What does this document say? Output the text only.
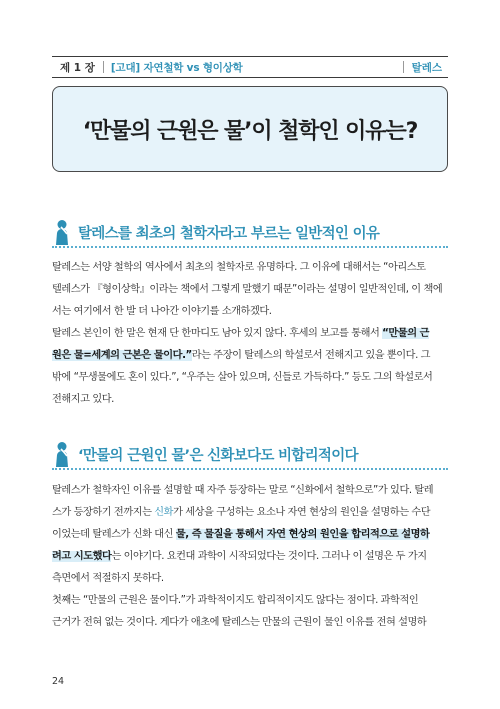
제 1 장 [고대] 자연철학 vs 형이상학	탈레스
‘만물의 근원은 물’이 철학인 이유는?
탈레스를 최초의 철학자라고 부르는 일반적인 이유
탈레스는 서양 철학의 역사에서 최초의 철학자로 유명하다. 그 이유에 대해서는 “아리스토
텔레스가 『형이상학』이라는 책에서 그렇게 말했기 때문”이라는 설명이 일반적인데, 이 책에
서는 여기에서 한 발 더 나아간 이야기를 소개하겠다.
탈레스 본인이 한 말은 현재 단 한마디도 남아 있지 않다. 후세의 보고를 통해서 “만물의 근
원은 물=세계의 근본은 물이다.”라는 주장이 탈레스의 학설로서 전해지고 있을 뿐이다. 그
밖에 “무생물에도 혼이 있다.”, “우주는 살아 있으며, 신들로 가득하다.” 등도 그의 학설로서
전해지고 있다.
‘만물의 근원인 물’은 신화보다도 비합리적이다
탈레스가 철학자인 이유를 설명할 때 자주 등장하는 말로 “신화에서 철학으로”가 있다. 탈레
스가 등장하기 전까지는 신화가 세상을 구성하는 요소나 자연 현상의 원인을 설명하는 수단
이었는데 탈레스가 신화 대신 물, 즉 물질을 통해서 자연 현상의 원인을 합리적으로 설명하
려고 시도했다는 이야기다. 요컨대 과학이 시작되었다는 것이다. 그러나 이 설명은 두 가지
측면에서 적절하지 못하다.
첫째는 “만물의 근원은 물이다.”가 과학적이지도 합리적이지도 않다는 점이다. 과학적인
근거가 전혀 없는 것이다. 게다가 애초에 탈레스는 만물의 근원이 물인 이유를 전혀 설명하
24
